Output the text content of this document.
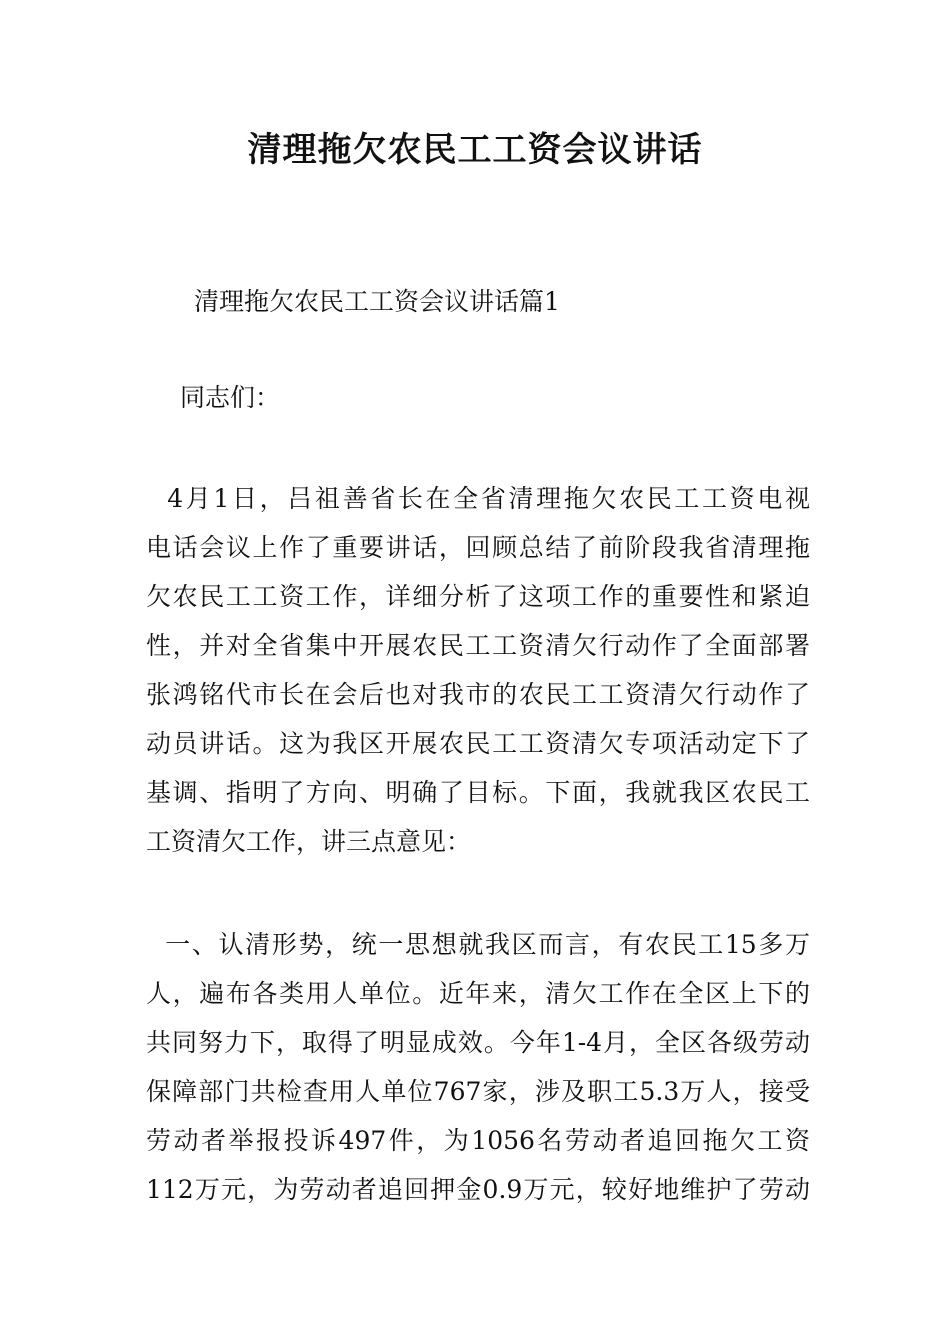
清理拖欠农民工工资会议讲话
清理拖欠农民工工资会议讲话篇1
同志们：
4月1日，吕祖善省长在全省清理拖欠农民工工资电视
电话会议上作了重要讲话，回顾总结了前阶段我省清理拖
欠农民工工资工作，详细分析了这项工作的重要性和紧迫
性，并对全省集中开展农民工工资清欠行动作了全面部署
张鸿铭代市长在会后也对我市的农民工工资清欠行动作了
动员讲话。这为我区开展农民工工资清欠专项活动定下了
基调、指明了方向、明确了目标。下面，我就我区农民工
工资清欠工作，讲三点意见：
一、认清形势，统一思想就我区而言，有农民工15多万
人，遍布各类用人单位。近年来，清欠工作在全区上下的
共同努力下，取得了明显成效。今年1-4月，全区各级劳动
保障部门共检查用人单位767家，涉及职工5.3万人，接受
劳动者举报投诉497件，为1056名劳动者追回拖欠工资
112万元，为劳动者追回押金0.9万元，较好地维护了劳动
